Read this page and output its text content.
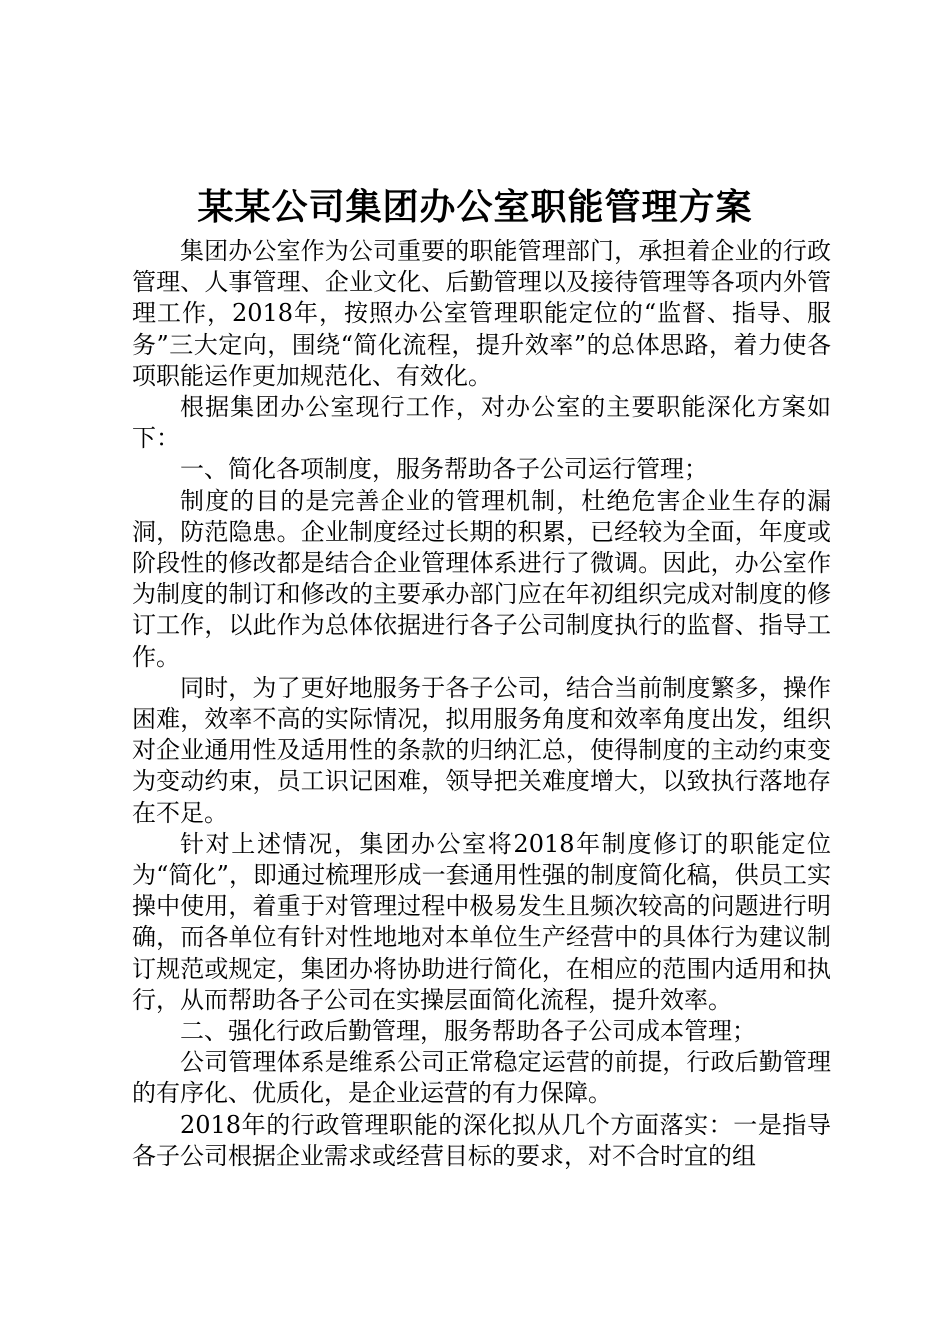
某某公司集团办公室职能管理方案

集团办公室作为公司重要的职能管理部门，承担着企业的行政管理、人事管理、企业文化、后勤管理以及接待管理等各项内外管理工作，2018年，按照办公室管理职能定位的“监督、指导、服务”三大定向，围绕“简化流程，提升效率”的总体思路，着力使各项职能运作更加规范化、有效化。

根据集团办公室现行工作，对办公室的主要职能深化方案如下：

一、简化各项制度，服务帮助各子公司运行管理；

制度的目的是完善企业的管理机制，杜绝危害企业生存的漏洞，防范隐患。企业制度经过长期的积累，已经较为全面，年度或阶段性的修改都是结合企业管理体系进行了微调。因此，办公室作为制度的制订和修改的主要承办部门应在年初组织完成对制度的修订工作，以此作为总体依据进行各子公司制度执行的监督、指导工作。

同时，为了更好地服务于各子公司，结合当前制度繁多，操作困难，效率不高的实际情况，拟用服务角度和效率角度出发，组织对企业通用性及适用性的条款的归纳汇总，使得制度的主动约束变为变动约束，员工识记困难，领导把关难度增大，以致执行落地存在不足。

针对上述情况，集团办公室将2018年制度修订的职能定位为“简化”，即通过梳理形成一套通用性强的制度简化稿，供员工实操中使用，着重于对管理过程中极易发生且频次较高的问题进行明确，而各单位有针对性地地对本单位生产经营中的具体行为建议制订规范或规定，集团办将协助进行简化，在相应的范围内适用和执行，从而帮助各子公司在实操层面简化流程，提升效率。

二、强化行政后勤管理，服务帮助各子公司成本管理；

公司管理体系是维系公司正常稳定运营的前提，行政后勤管理的有序化、优质化，是企业运营的有力保障。

2018年的行政管理职能的深化拟从几个方面落实：一是指导各子公司根据企业需求或经营目标的要求，对不合时宜的组
